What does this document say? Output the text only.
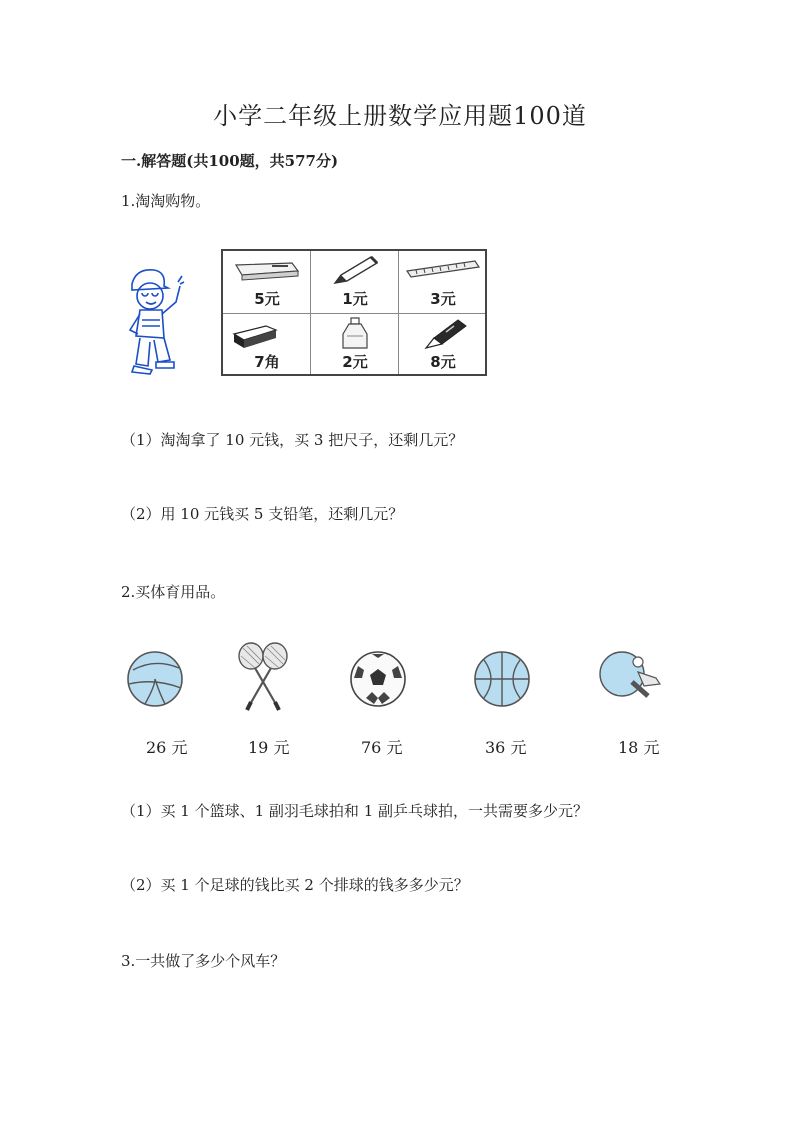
小学二年级上册数学应用题100道
一.解答题(共100题，共577分)
1.淘淘购物。
5元	1元	3元
7角	2元	8元
（1）淘淘拿了 10 元钱，买 3 把尺子，还剩几元？
（2）用 10 元钱买 5 支铅笔，还剩几元？
2.买体育用品。
26 元	19 元	76 元	36 元	18 元
（1）买 1 个篮球、1 副羽毛球拍和 1 副乒乓球拍，一共需要多少元？
（2）买 1 个足球的钱比买 2 个排球的钱多多少元？
3.一共做了多少个风车？
